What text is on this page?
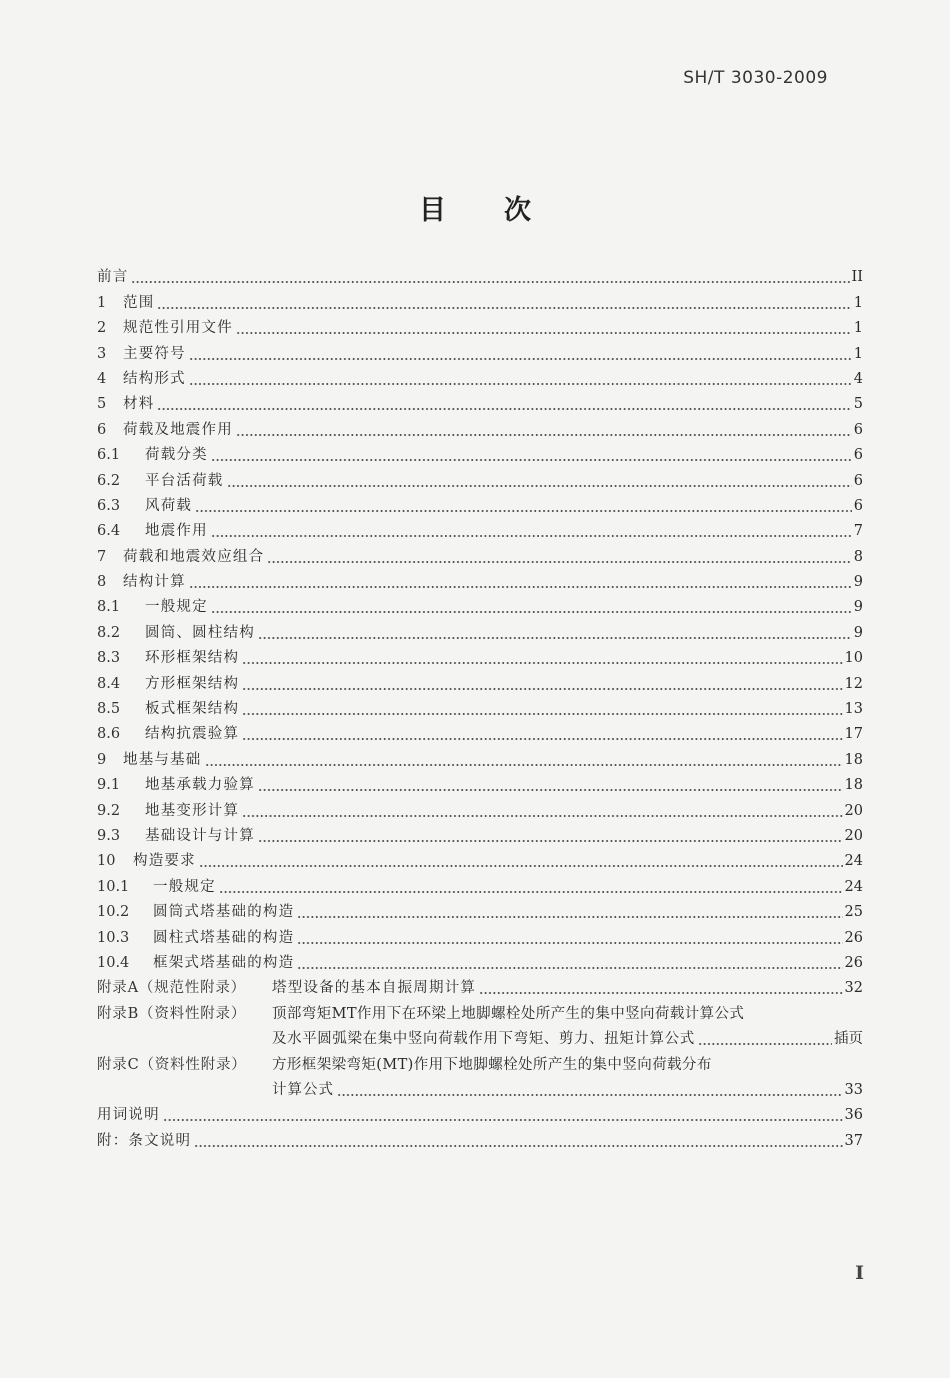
SH/T 3030-2009
目次
前言	II
1	范围	1
2	规范性引用文件	1
3	主要符号	1
4	结构形式	4
5	材料	5
6	荷载及地震作用	6
6.1	荷载分类	6
6.2	平台活荷载	6
6.3	风荷载	6
6.4	地震作用	7
7	荷载和地震效应组合	8
8	结构计算	9
8.1	一般规定	9
8.2	圆筒、圆柱结构	9
8.3	环形框架结构	10
8.4	方形框架结构	12
8.5	板式框架结构	13
8.6	结构抗震验算	17
9	地基与基础	18
9.1	地基承载力验算	18
9.2	地基变形计算	20
9.3	基础设计与计算	20
10	构造要求	24
10.1	一般规定	24
10.2	圆筒式塔基础的构造	25
10.3	圆柱式塔基础的构造	26
10.4	框架式塔基础的构造	26
附录A（规范性附录）	塔型设备的基本自振周期计算	32
附录B（资料性附录）	顶部弯矩MT作用下在环梁上地脚螺栓处所产生的集中竖向荷载计算公式
及水平圆弧梁在集中竖向荷载作用下弯矩、剪力、扭矩计算公式	插页
附录C（资料性附录）	方形框架梁弯矩(MT)作用下地脚螺栓处所产生的集中竖向荷载分布
计算公式	33
用词说明	36
附：条文说明	37
I
